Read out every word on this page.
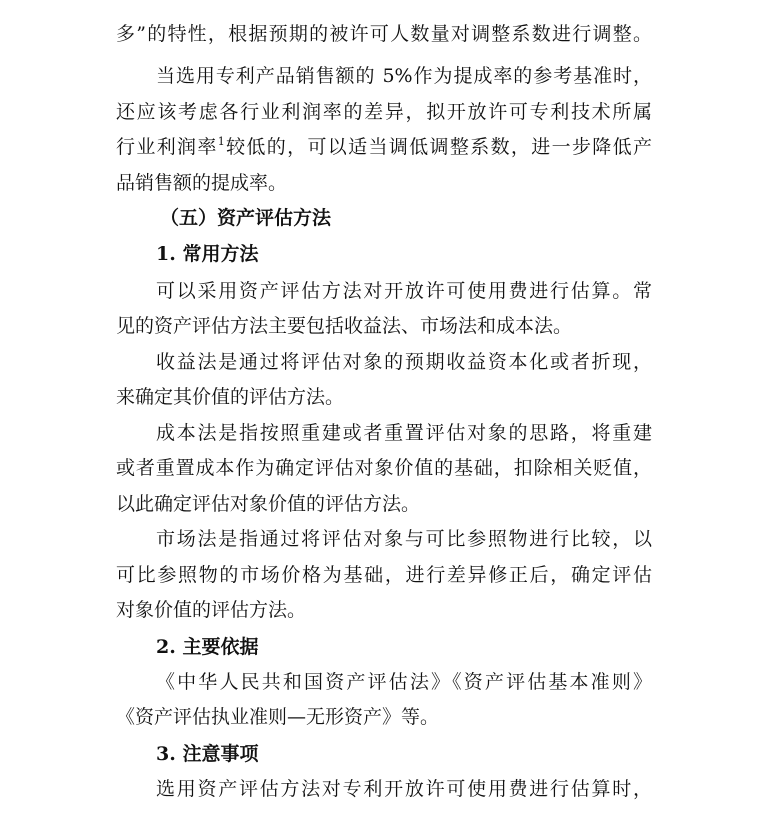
多”的特性，根据预期的被许可人数量对调整系数进行调整。
当选用专利产品销售额的 5%作为提成率的参考基准时，
还应该考虑各行业利润率的差异，拟开放许可专利技术所属
行业利润率$^1$较低的，可以适当调低调整系数，进一步降低产
品销售额的提成率。
（五）资产评估方法
1. 常用方法
可以采用资产评估方法对开放许可使用费进行估算。常
见的资产评估方法主要包括收益法、市场法和成本法。
收益法是通过将评估对象的预期收益资本化或者折现，
来确定其价值的评估方法。
成本法是指按照重建或者重置评估对象的思路，将重建
或者重置成本作为确定评估对象价值的基础，扣除相关贬值，
以此确定评估对象价值的评估方法。
市场法是指通过将评估对象与可比参照物进行比较，以
可比参照物的市场价格为基础，进行差异修正后，确定评估
对象价值的评估方法。
2. 主要依据
《中华人民共和国资产评估法》《资产评估基本准则》
《资产评估执业准则—无形资产》等。
3. 注意事项
选用资产评估方法对专利开放许可使用费进行估算时，
